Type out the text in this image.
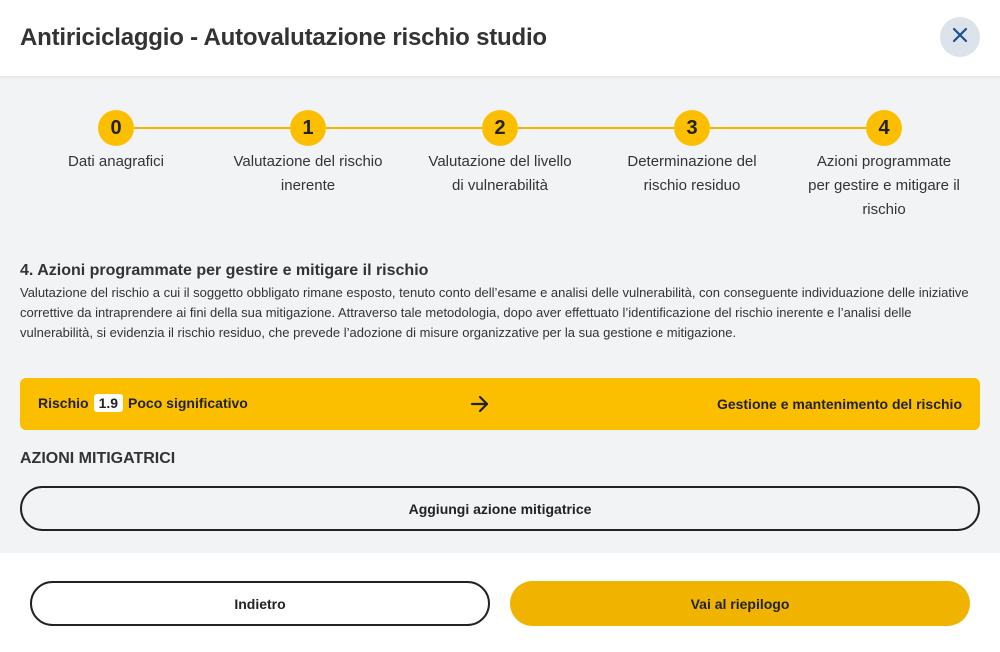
Antiriciclaggio - Autovalutazione rischio studio
0
Dati anagrafici
1
Valutazione del rischio inerente
2
Valutazione del livello di vulnerabilità
3
Determinazione del rischio residuo
4
Azioni programmate per gestire e mitigare il rischio
4. Azioni programmate per gestire e mitigare il rischio
Valutazione del rischio a cui il soggetto obbligato rimane esposto, tenuto conto dell’esame e analisi delle vulnerabilità, con conseguente individuazione delle iniziative correttive da intraprendere ai fini della sua mitigazione. Attraverso tale metodologia, dopo aver effettuato l’identificazione del rischio inerente e l’analisi delle vulnerabilità, si evidenzia il rischio residuo, che prevede l’adozione di misure organizzative per la sua gestione e mitigazione.
Rischio 1.9 Poco significativo	Gestione e mantenimento del rischio
AZIONI MITIGATRICI
Aggiungi azione mitigatrice
Indietro	Vai al riepilogo
